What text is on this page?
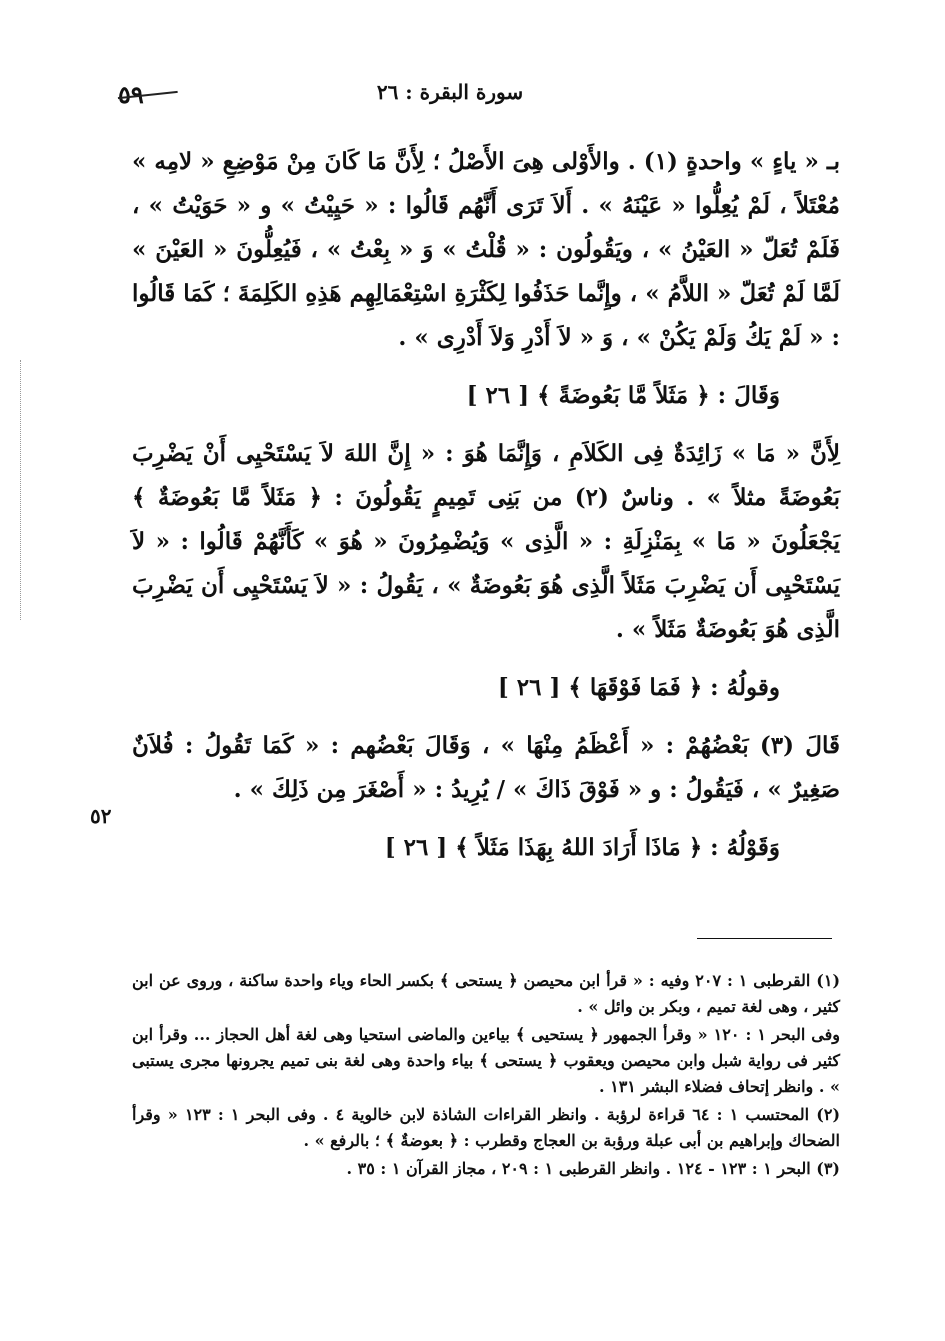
٥٩	سورة البقرة : ٢٦
٥٢

بـ « ياءٍ » واحدةٍ (١) . والأَوْلى هِىَ الأَصْلُ ؛ لِأَنَّ مَا كَانَ مِنْ مَوْضِعِ « لامِه » مُعْتَلاً ، لَمْ يُعِلُّوا « عَيْنَهُ » . أَلاَ تَرَى أَنَّهُم قَالُوا : « حَيِيْتُ » و « حَوَيْتُ » ، فَلَمْ تُعَلّ « العَيْنُ » ، ويَقُولُون : « قُلْتُ » وَ « بِعْتُ » ، فَيُعِلُّونَ « العَيْنَ » لَمَّا لَمْ تُعَلّ « اللاَّمُ » ، وإِنَّما حَذَفُوا لِكَثْرَةِ اسْتِعْمَالِهِم هَذِهِ الكَلِمَةَ ؛ كَمَا قَالُوا : « لَمْ يَكُ وَلَمْ يَكُنْ » ، وَ « لاَ أَدْرِ وَلاَ أَدْرِى » .

وَقَالَ : ﴿ مَثَلاً مَّا بَعُوضَةً ﴾ [ ٢٦ ]

لِأَنَّ « مَا » زَائِدَةٌ فِى الكَلاَمِ ، وَإِنَّمَا هُوَ : « إِنَّ اللهَ لاَ يَسْتَحْيِى أَنْ يَضْرِبَ بَعُوضَةً مثلاً » . وناسٌ (٢) من بَنِى تَمِيمٍ يَقُولُونَ : ﴿ مَثَلاً مَّا بَعُوضَةٌ ﴾ يَجْعَلُونَ « مَا » بِمَنْزِلَةِ : « الَّذِى » وَيُضْمِرُونَ « هُوَ » كَأَنَّهُمْ قَالُوا : « لاَ يَسْتَحْيِى أَن يَضْرِبَ مَثَلاً الَّذِى هُوَ بَعُوضَةٌ » ، يَقُولُ : « لاَ يَسْتَحْيِى أَن يَضْرِبَ الَّذِى هُوَ بَعُوضَةٌ مَثَلاً » .

وقولُهُ : ﴿ فَمَا فَوْقَهَا ﴾ [ ٢٦ ]

قَالَ (٣) بَعْضُهُمْ : « أَعْظَمُ مِنْهَا » ، وَقَالَ بَعْضُهم : « كَمَا تَقُولُ : فُلاَنٌ صَغِيرٌ » ، فَيَقُولُ : و « فَوْقَ ذَاكَ » / يُرِيدُ : « أَصْغَرَ مِن ذَلِكَ » .

وَقَوْلُهُ : ﴿ مَاذَا أَرَادَ اللهُ بِهَذَا مَثَلاً ﴾ [ ٢٦ ]

(١) القرطبى ١ : ٢٠٧ وفيه : « قرأ ابن محيصن ﴿ يستحى ﴾ بكسر الحاء وياء واحدة ساكنة ، وروى عن ابن كثير ، وهى لغة تميم ، وبكر بن وائل » .

وفى البحر ١ : ١٢٠ « وقرأ الجمهور ﴿ يستحيى ﴾ بياءين والماضى استحيا وهى لغة أهل الحجاز ... وقرأ ابن كثير فى رواية شبل وابن محيصن ويعقوب ﴿ يستحى ﴾ بياء واحدة وهى لغة بنى تميم يجرونها مجرى يستبى » . وانظر إتحاف فضلاء البشر ١٣١ .

(٢) المحتسب ١ : ٦٤ قراءة لرؤبة . وانظر القراءات الشاذة لابن خالوية ٤ . وفى البحر ١ : ١٢٣ « وقرأ الضحاك وإبراهيم بن أبى عبلة ورؤبة بن العجاج وقطرب : ﴿ بعوضةٌ ﴾ ؛ بالرفع » .

(٣) البحر ١ : ١٢٣ - ١٢٤ . وانظر القرطبى ١ : ٢٠٩ ، مجاز القرآن ١ : ٣٥ .
